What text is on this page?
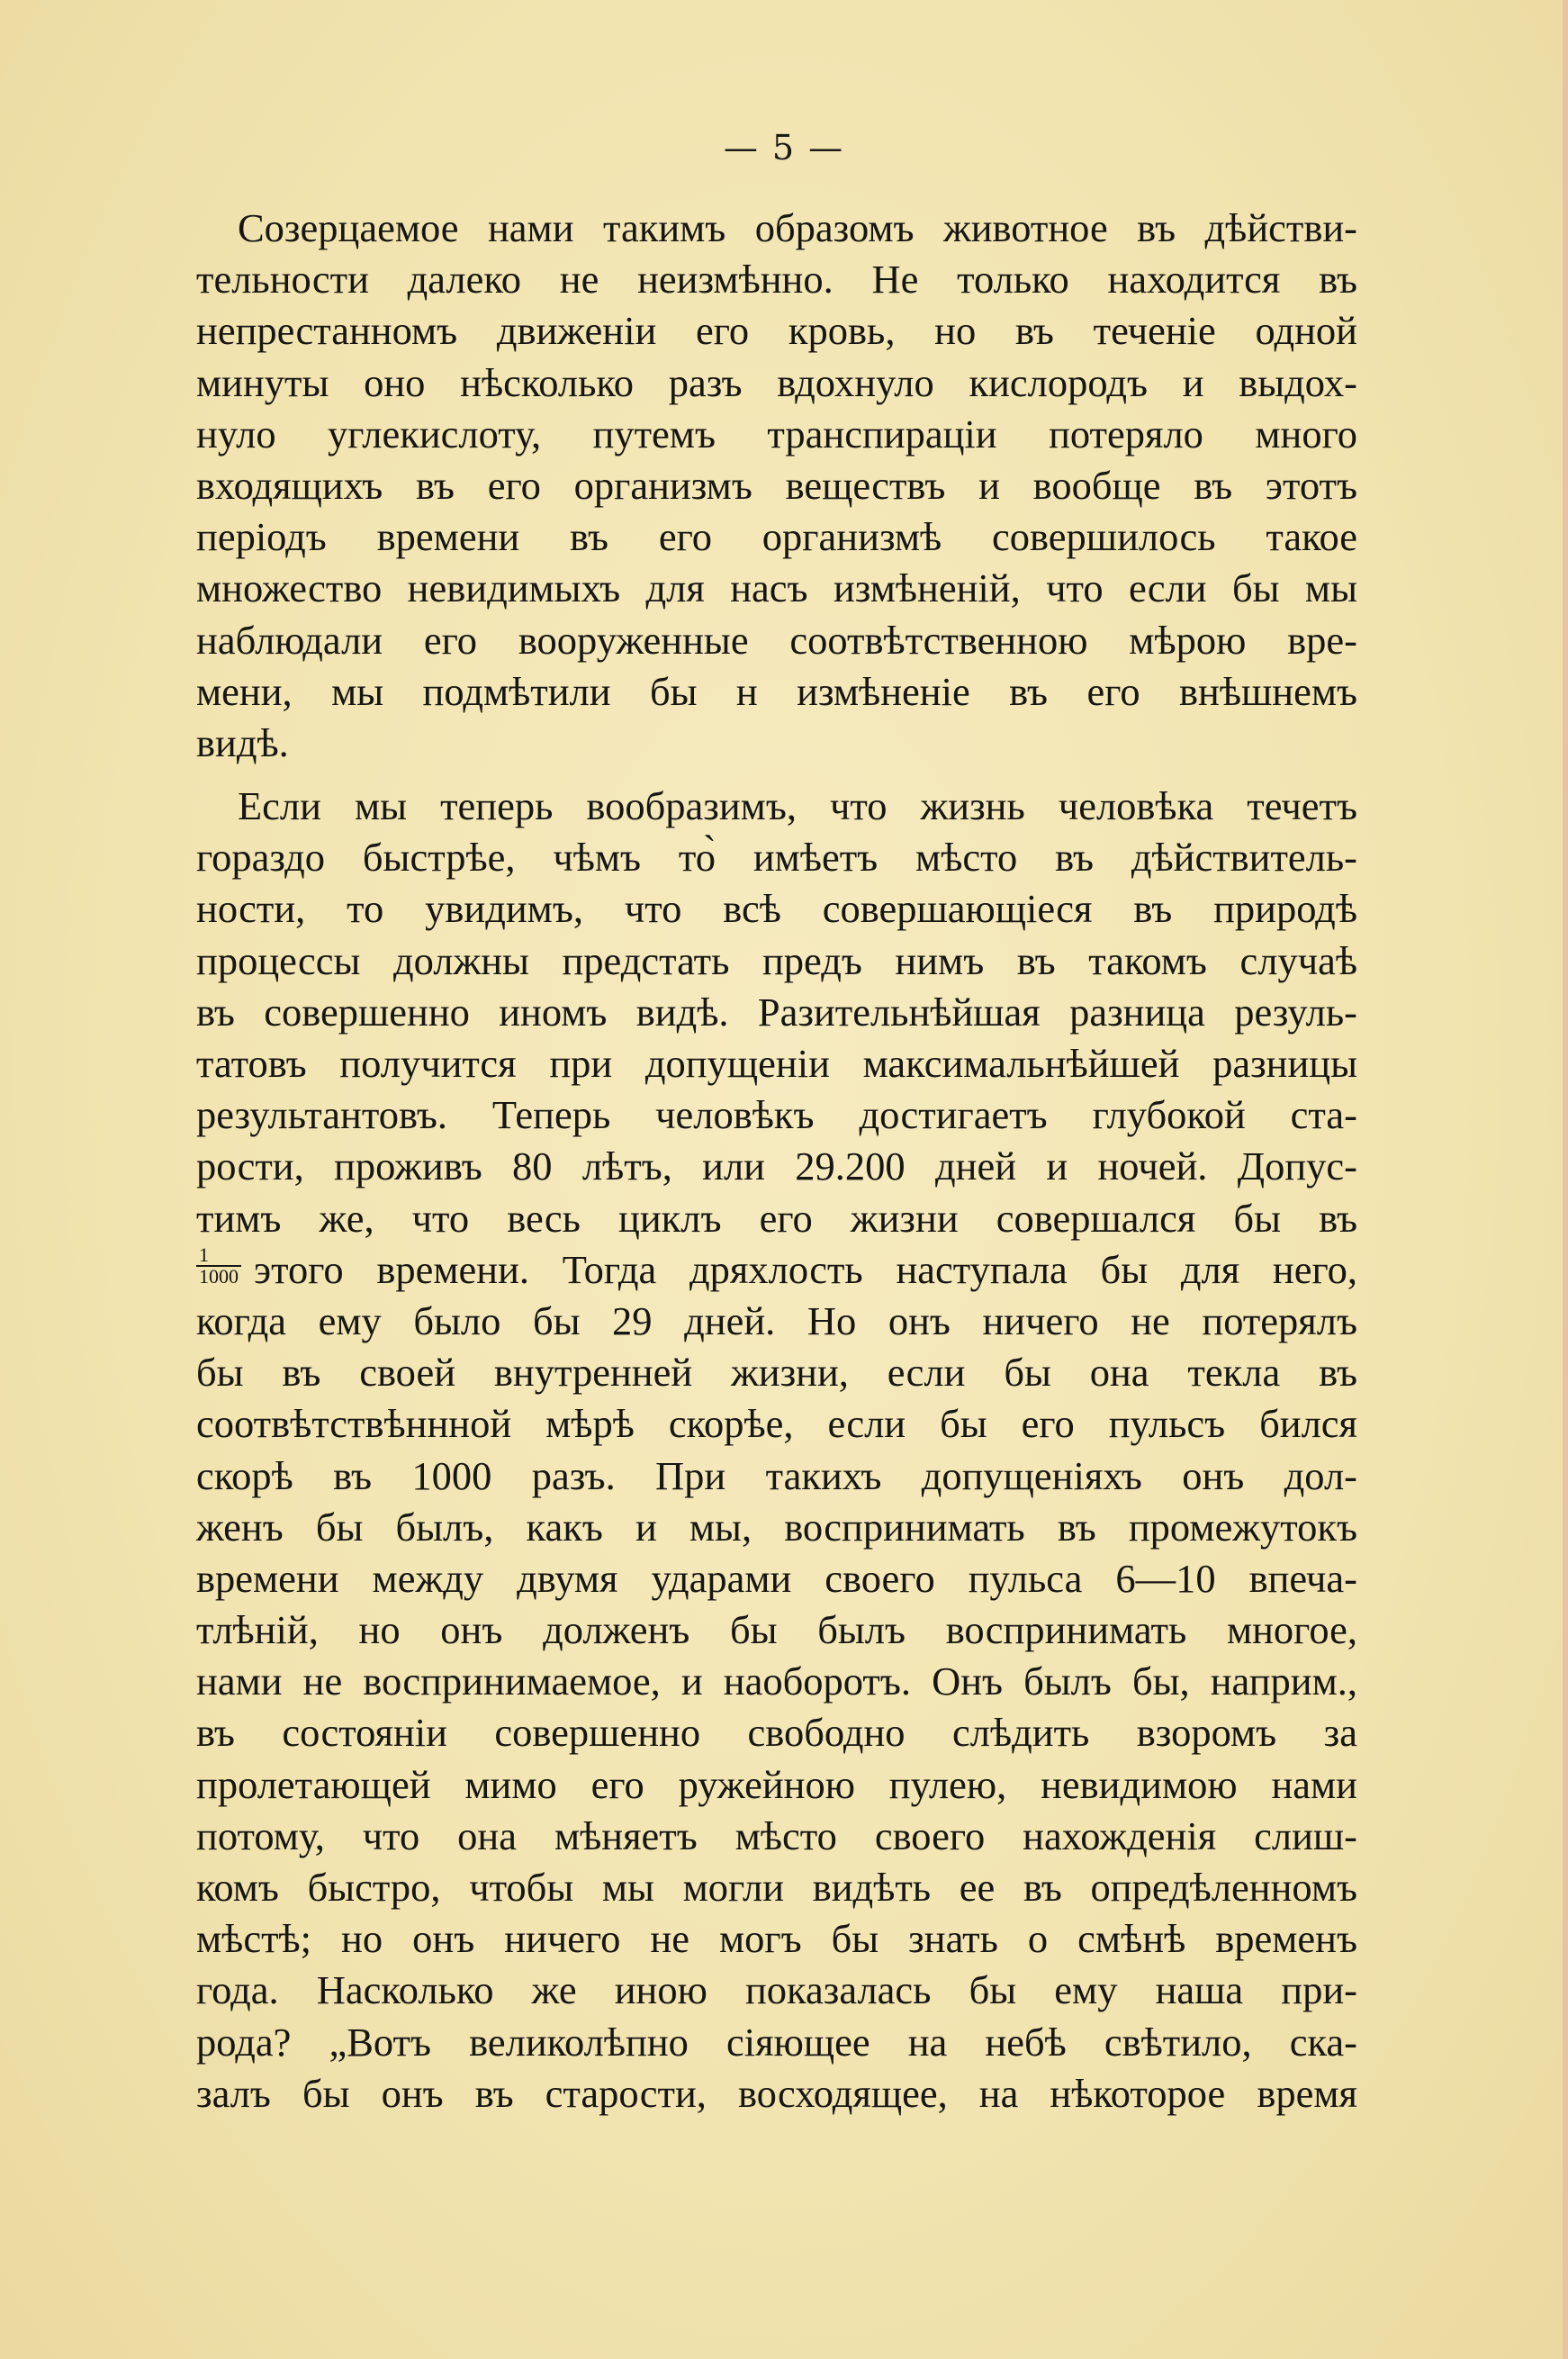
— 5 —
Созерцаемое нами такимъ образомъ животное въ дѣйстви-
тельности далеко не неизмѣнно. Не только находится въ
непрестанномъ движенiи его кровь, но въ теченiе одной
минуты оно нѣсколько разъ вдохнуло кислородъ и выдох-
нуло углекислоту, путемъ транспирацiи потеряло много
входящихъ въ его организмъ веществъ и вообще въ этотъ
перiодъ времени въ его организмѣ совершилось такое
множество невидимыхъ для насъ измѣненiй, что если бы мы
наблюдали его вооруженные соотвѣтственною мѣрою вре-
мени, мы подмѣтили бы н измѣненiе въ его внѣшнемъ
видѣ.
Если мы теперь вообразимъ, что жизнь человѣка течетъ
гораздо быстрѣе, чѣмъ то̀ имѣетъ мѣсто въ дѣйствитель-
ности, то увидимъ, что всѣ совершающiеся въ природѣ
процессы должны предстать предъ нимъ въ такомъ случаѣ
въ совершенно иномъ видѣ. Разительнѣйшая разница резуль-
татовъ получится при допущенiи максимальнѣйшей разницы
результантовъ. Теперь человѣкъ достигаетъ глубокой ста-
рости, проживъ 80 лѣтъ, или 29.200 дней и ночей. Допус-
тимъ же, что весь циклъ его жизни совершался бы въ
$\frac{1}{1000}$ этого времени. Тогда дряхлость наступала бы для него,
когда ему было бы 29 дней. Но онъ ничего не потерялъ
бы въ своей внутренней жизни, если бы она текла въ
соотвѣтствѣннной мѣрѣ скорѣе, если бы его пульсъ бился
скорѣ въ 1000 разъ. При такихъ допущенiяхъ онъ дол-
женъ бы былъ, какъ и мы, воспринимать въ промежутокъ
времени между двумя ударами своего пульса 6—10 впеча-
тлѣнiй, но онъ долженъ бы былъ воспринимать многое,
нами не воспринимаемое, и наоборотъ. Онъ былъ бы, наприм.,
въ состоянiи совершенно свободно слѣдить взоромъ за
пролетающей мимо его ружейною пулею, невидимою нами
потому, что она мѣняетъ мѣсто своего нахожденiя слиш-
комъ быстро, чтобы мы могли видѣть ее въ опредѣленномъ
мѣстѣ; но онъ ничего не могъ бы знать о смѣнѣ временъ
года. Насколько же иною показалась бы ему наша при-
рода? „Вотъ великолѣпно сiяющее на небѣ свѣтило, ска-
залъ бы онъ въ старости, восходящее, на нѣкоторое время
